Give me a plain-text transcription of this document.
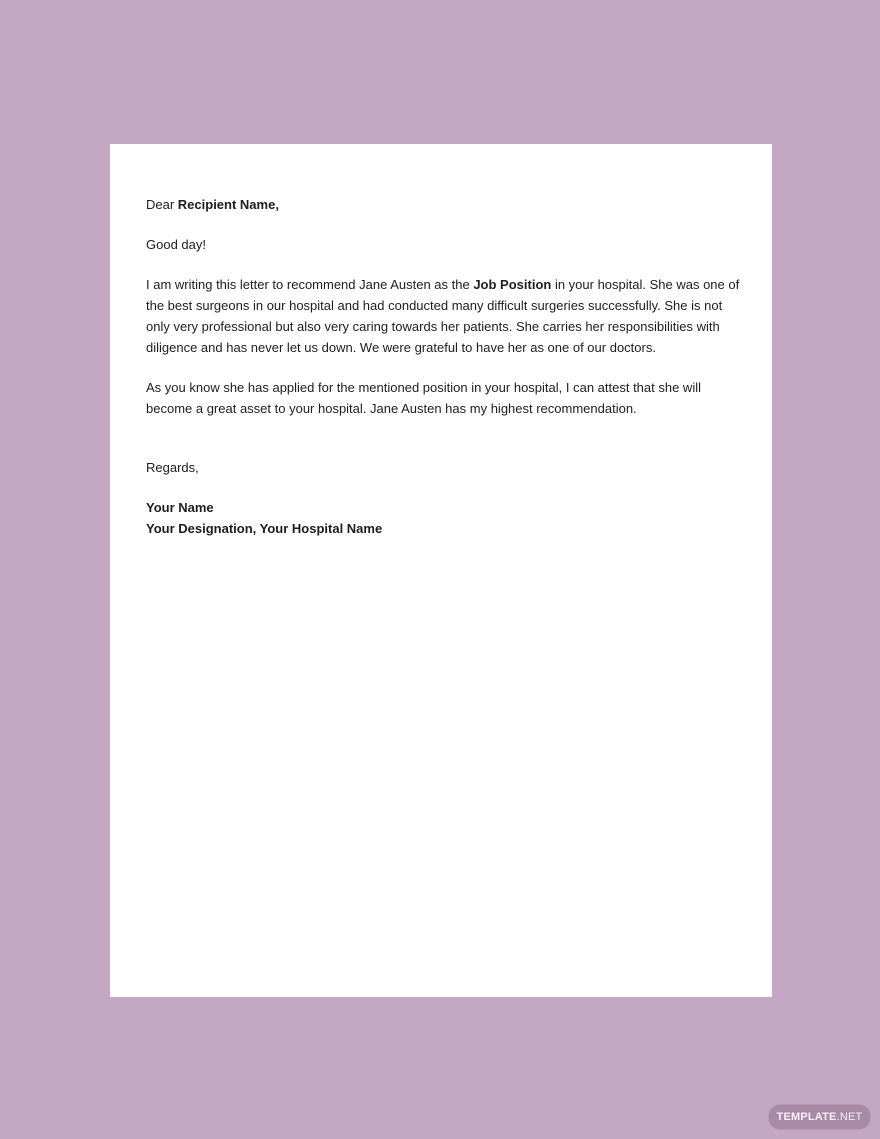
Dear Recipient Name,

Good day!

I am writing this letter to recommend Jane Austen as the Job Position in your hospital. She was one of the best surgeons in our hospital and had conducted many difficult surgeries successfully. She is not only very professional but also very caring towards her patients. She carries her responsibilities with diligence and has never let us down. We were grateful to have her as one of our doctors.

As you know she has applied for the mentioned position in your hospital, I can attest that she will become a great asset to your hospital. Jane Austen has my highest recommendation.

Regards,

Your Name

Your Designation, Your Hospital Name

TEMPLATE .NET
